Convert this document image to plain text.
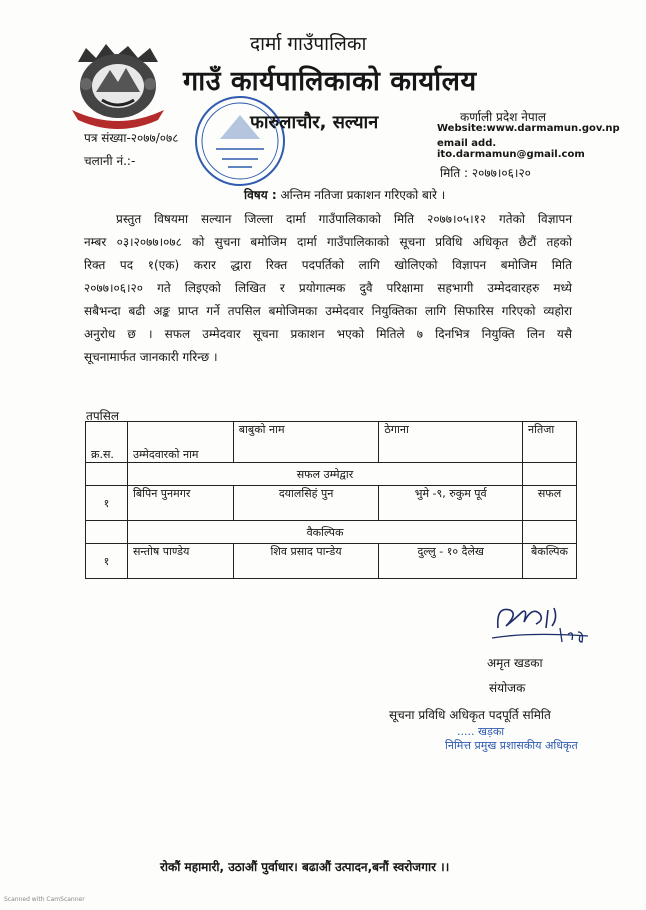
दार्मा गाउँपालिका
गाउँ कार्यपालिकाको कार्यालय
फारुलाचौर, सल्यान	कर्णाली प्रदेश नेपाल
Website:www.darmamun.gov.np
email add. ito.darmamun@gmail.com
पत्र संख्या-२०७७/०७८
चलानी नं.:-
मिति : २०७७।०६।२०
विषय : अन्तिम नतिजा प्रकाशन गरिएको बारे ।
प्रस्तुत विषयमा सल्यान जिल्ला दार्मा गाउँपालिकाको मिति २०७७।०५।१२ गतेको विज्ञापन
नम्बर ०३।२०७७।०७८ को सुचना बमोजिम दार्मा गाउँपालिकाको सूचना प्रविधि अधिकृत छैटौं तहको
रिक्त पद १(एक) करार द्धारा रिक्त पदपर्तिको लागि खोलिएको विज्ञापन बमोजिम मिति
२०७७।०६।२० गते लिइएको लिखित र प्रयोगात्मक दुवै परिक्षामा सहभागी उम्मेदवारहरु मध्ये
सबैभन्दा बढी अङ्क प्राप्त गर्ने तपसिल बमोजिमका उम्मेदवार नियुक्तिका लागि सिफारिस गरिएको व्यहोरा
अनुरोध छ । सफल उम्मेदवार सूचना प्रकाशन भएको मितिले ७ दिनभित्र नियुक्ति लिन यसै
सूचनामार्फत जानकारी गरिन्छ ।
तपसिल
क्र.स.	उम्मेदवारको नाम	बाबुको नाम	ठेगाना	नतिजा
	सफल उम्मेद्वार			
१	बिपिन पुनमगर	दयालसिहं पुन	भुमे -९, रुकुम पूर्व	सफल
	वैकल्पिक			
१	सन्तोष पाण्डेय	शिव प्रसाद पान्डेय	दुल्लु - १० दैलेख	बैकल्पिक
अमृत खडका
संयोजक
सूचना प्रविधि अधिकृत पदपूर्ति समिति
..... खड़का
निमित्त प्रमुख प्रशासकीय अधिकृत
रोकौं महामारी, उठाऔं पुर्वाधार। बढाऔं उत्पादन,बनौं स्वरोजगार ।।
Scanned with CamScanner
